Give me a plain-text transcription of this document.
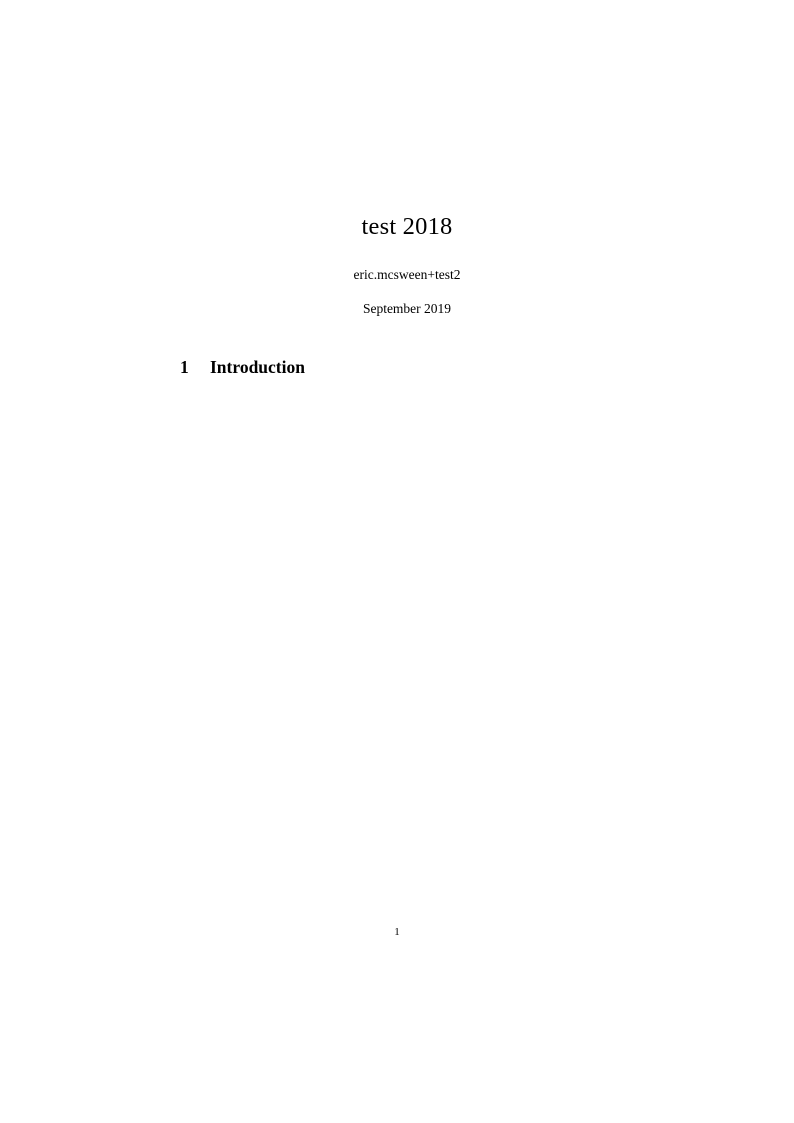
test 2018
eric.mcsween+test2
September 2019
1	Introduction
1
